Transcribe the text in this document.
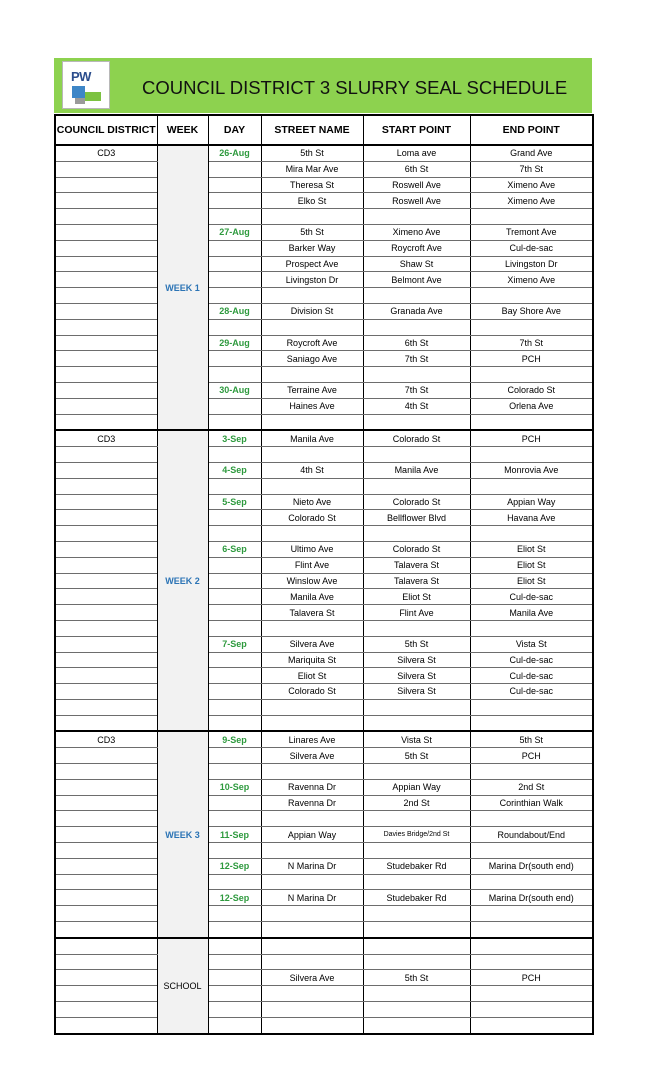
PW
COUNCIL DISTRICT 3 SLURRY SEAL SCHEDULE
COUNCIL DISTRICT	WEEK	DAY	STREET NAME	START POINT	END POINT
CD3	WEEK 1	26-Aug	5th St	Loma ave	Grand Ave
			Mira Mar Ave	6th St	7th St
			Theresa St	Roswell Ave	Ximeno Ave
			Elko St	Roswell Ave	Ximeno Ave

		27-Aug	5th St	Ximeno Ave	Tremont Ave
			Barker Way	Roycroft Ave	Cul-de-sac
			Prospect Ave	Shaw St	Livingston Dr
			Livingston Dr	Belmont Ave	Ximeno Ave

		28-Aug	Division St	Granada Ave	Bay Shore Ave

		29-Aug	Roycroft Ave	6th St	7th St
			Saniago Ave	7th St	PCH

		30-Aug	Terraine Ave	7th St	Colorado St
			Haines Ave	4th St	Orlena Ave

CD3	WEEK 2	3-Sep	Manila Ave	Colorado St	PCH

		4-Sep	4th St	Manila Ave	Monrovia Ave

		5-Sep	Nieto Ave	Colorado St	Appian Way
			Colorado St	Bellflower Blvd	Havana Ave

		6-Sep	Ultimo Ave	Colorado St	Eliot St
			Flint Ave	Talavera St	Eliot St
			Winslow Ave	Talavera St	Eliot St
			Manila Ave	Eliot St	Cul-de-sac
			Talavera St	Flint Ave	Manila Ave

		7-Sep	Silvera Ave	5th St	Vista St
			Mariquita St	Silvera St	Cul-de-sac
			Eliot St	Silvera St	Cul-de-sac
			Colorado St	Silvera St	Cul-de-sac

CD3	WEEK 3	9-Sep	Linares Ave	Vista St	5th St
			Silvera Ave	5th St	PCH

		10-Sep	Ravenna Dr	Appian Way	2nd St
			Ravenna Dr	2nd St	Corinthian Walk

		11-Sep	Appian Way	Davies Bridge/2nd St	Roundabout/End

		12-Sep	N Marina Dr	Studebaker Rd	Marina Dr(south end)

		12-Sep	N Marina Dr	Studebaker Rd	Marina Dr(south end)

	SCHOOL				

			Silvera Ave	5th St	PCH
